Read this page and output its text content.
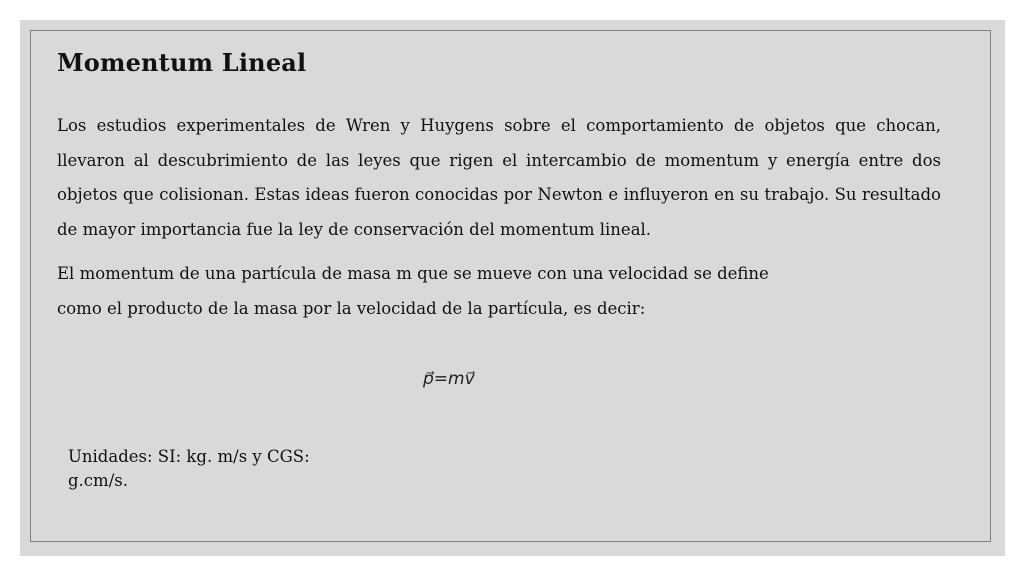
Momentum Lineal

Los estudios experimentales de Wren y Huygens sobre el comportamiento de objetos que chocan, llevaron al descubrimiento de las leyes que rigen el intercambio de momentum y energía entre dos objetos que colisionan. Estas ideas fueron conocidas por Newton e influyeron en su trabajo. Su resultado de mayor importancia fue la ley de conservación del momentum lineal.

El momentum de una partícula de masa m que se mueve con una velocidad se define
como el producto de la masa por la velocidad de la partícula, es decir:
p⃗=mv⃗
Unidades: SI: kg. m/s y CGS:
g.cm/s.
